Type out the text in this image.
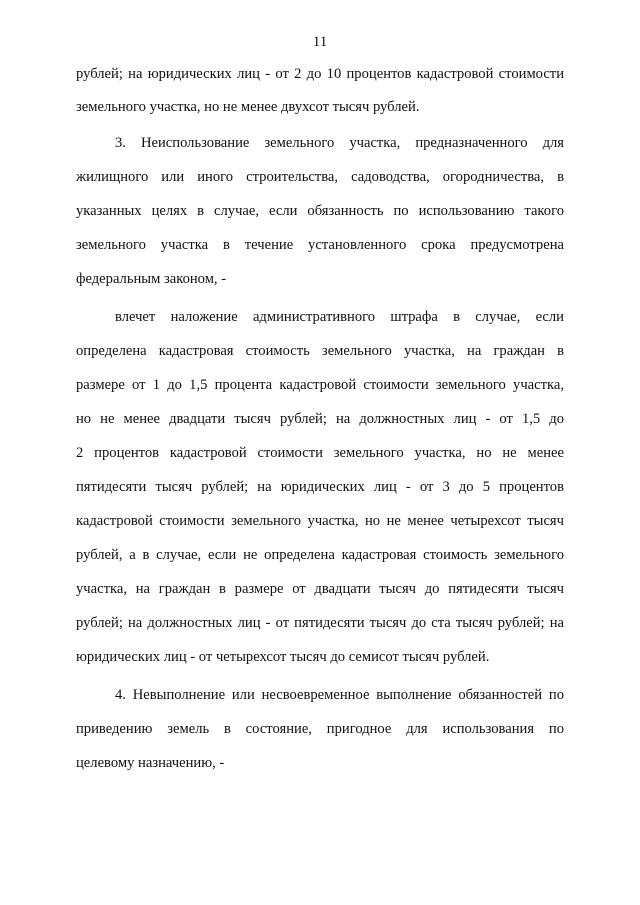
11
рублей; на юридических лиц - от 2 до 10 процентов кадастровой стоимости
земельного участка, но не менее двухсот тысяч рублей.
3. Неиспользование земельного участка, предназначенного для
жилищного или иного строительства, садоводства, огородничества, в
указанных целях в случае, если обязанность по использованию такого
земельного участка в течение установленного срока предусмотрена
федеральным законом, -
влечет наложение административного штрафа в случае, если
определена кадастровая стоимость земельного участка, на граждан в
размере от 1 до 1,5 процента кадастровой стоимости земельного участка,
но не менее двадцати тысяч рублей; на должностных лиц - от 1,5 до
2 процентов кадастровой стоимости земельного участка, но не менее
пятидесяти тысяч рублей; на юридических лиц - от 3 до 5 процентов
кадастровой стоимости земельного участка, но не менее четырехсот тысяч
рублей, а в случае, если не определена кадастровая стоимость земельного
участка, на граждан в размере от двадцати тысяч до пятидесяти тысяч
рублей; на должностных лиц - от пятидесяти тысяч до ста тысяч рублей; на
юридических лиц - от четырехсот тысяч до семисот тысяч рублей.
4. Невыполнение или несвоевременное выполнение обязанностей по
приведению земель в состояние, пригодное для использования по
целевому назначению, -
